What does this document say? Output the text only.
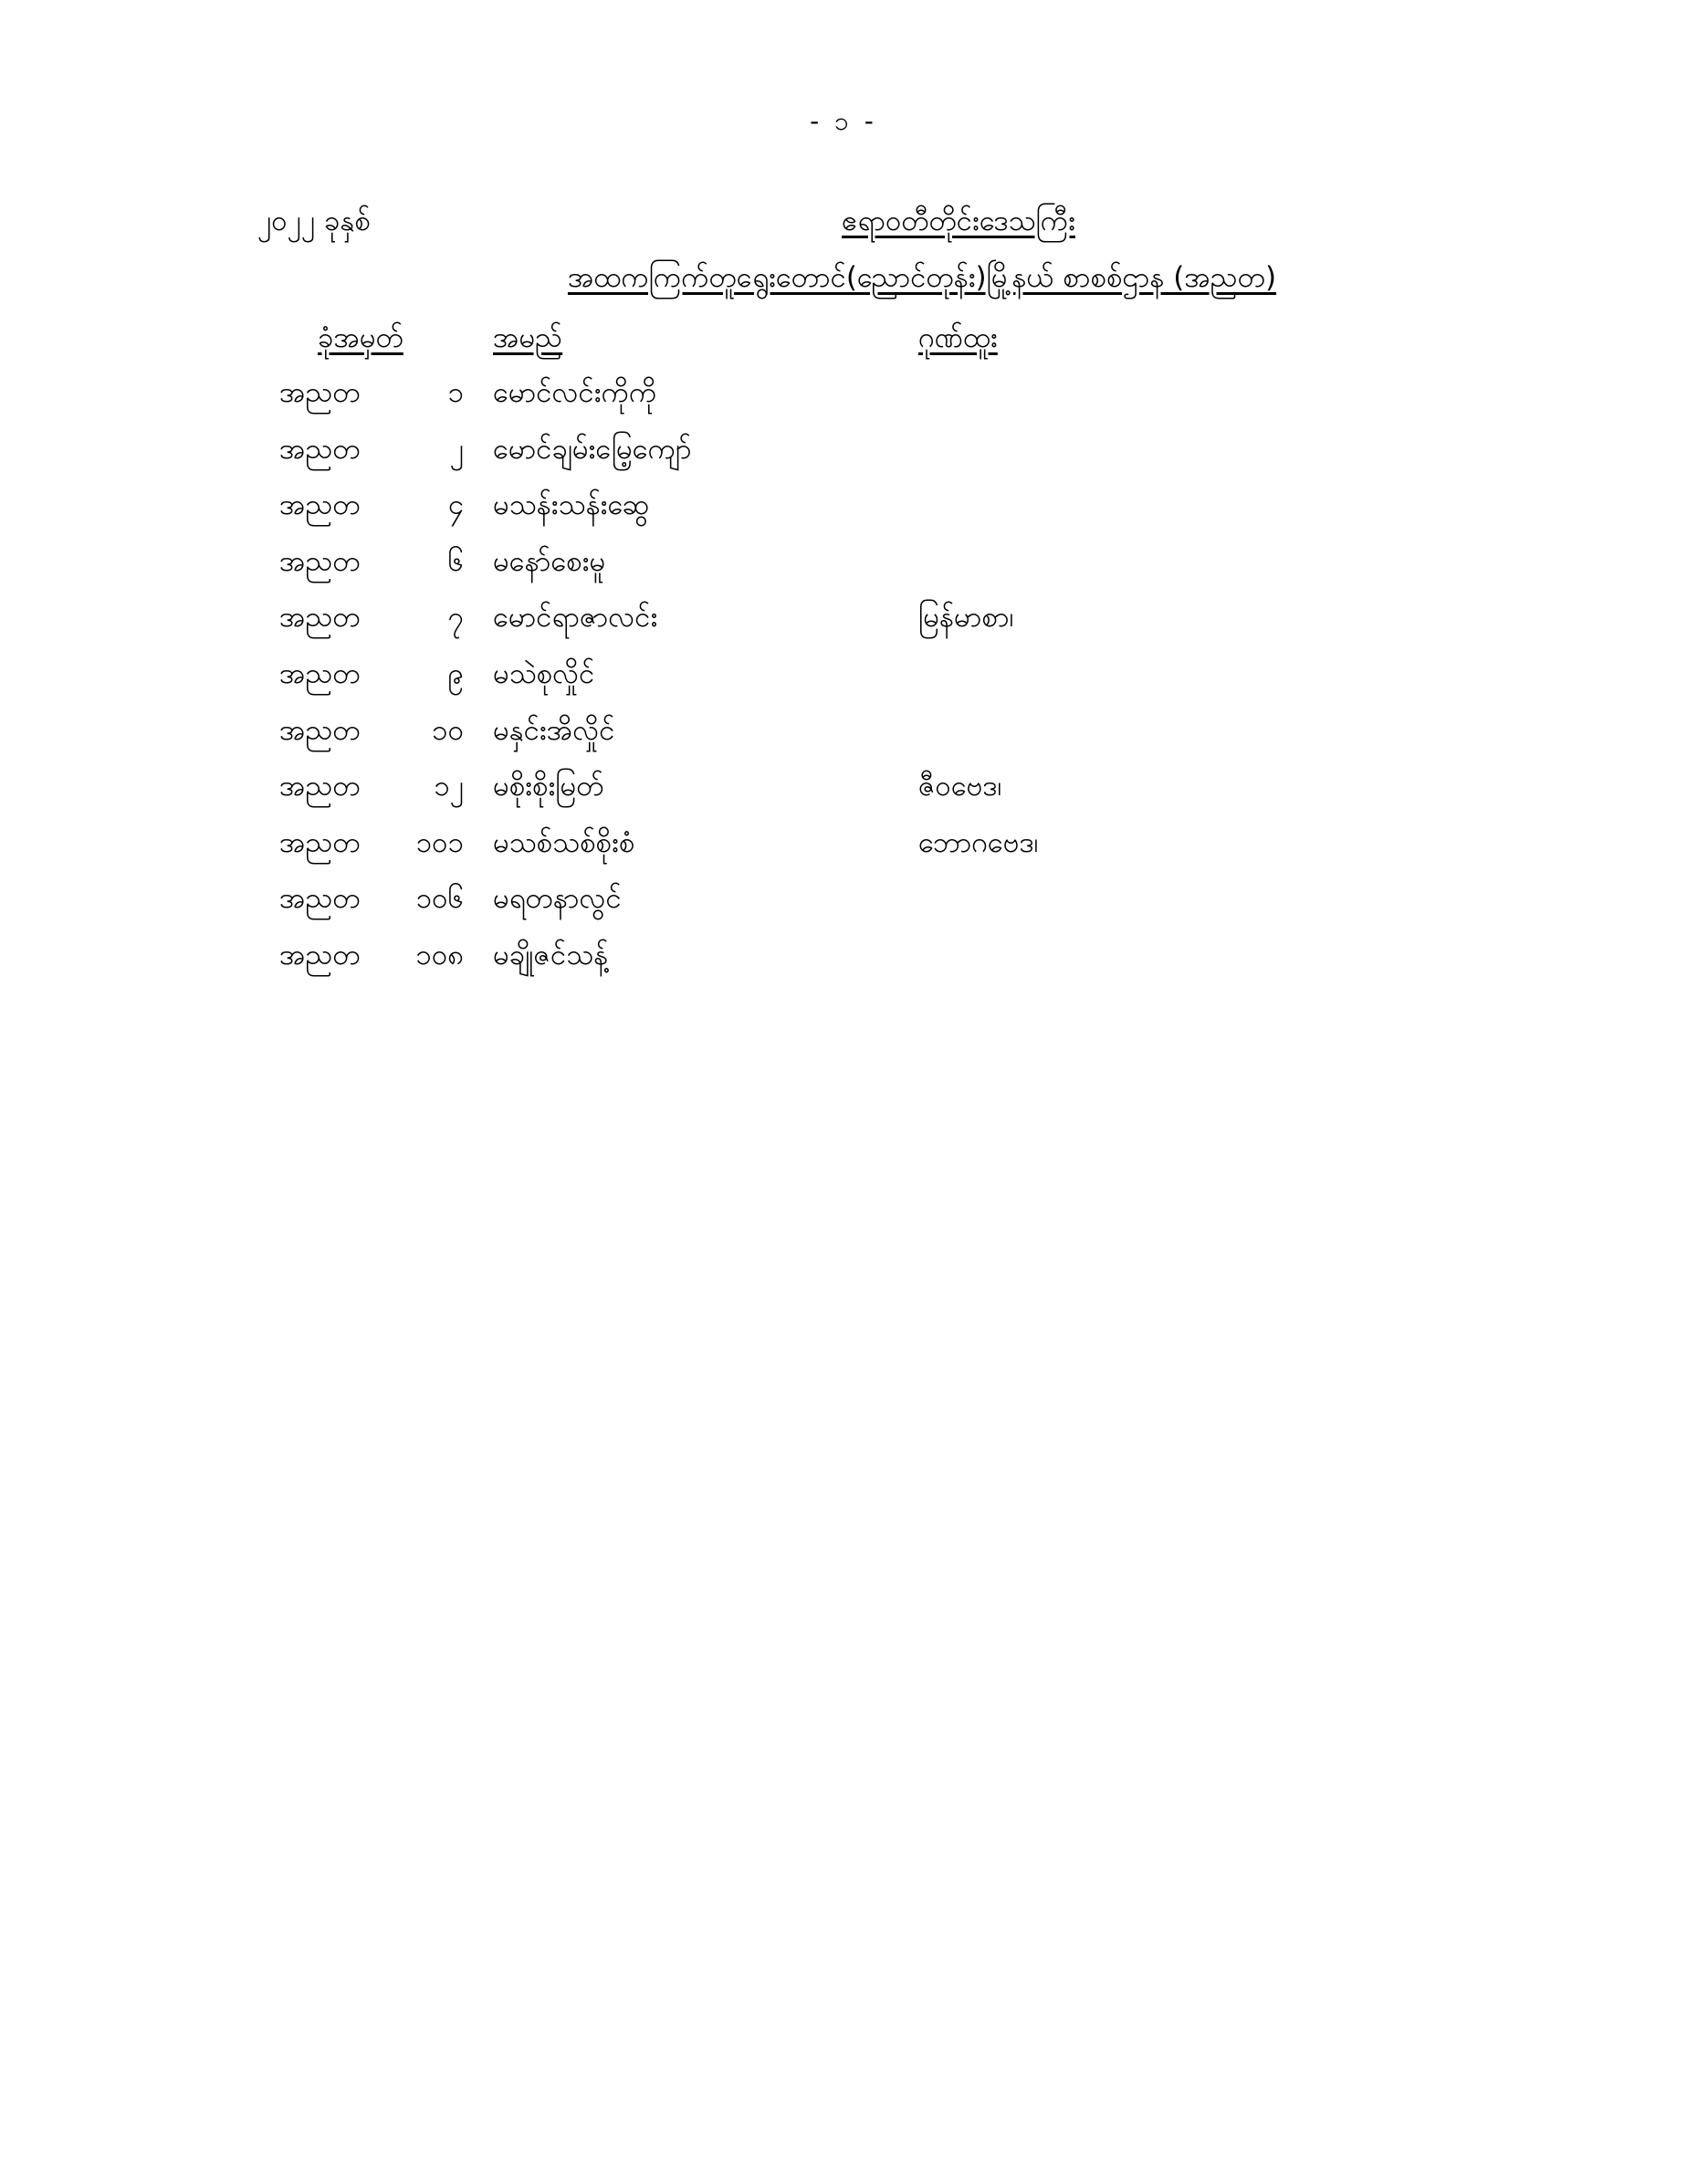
- ၁ -
၂၀၂၂ ခုနှစ်	ဧရာဝတီတိုင်းဒေသကြီး
အထကကြက်တူရွေးတောင်(ညောင်တုန်း)မြို့နယ် စာစစ်ဌာန (အညတ)
ခုံအမှတ်	အမည်	ဂုဏ်ထူး
အညတ	၁ မောင်လင်းကိုကို
အညတ	၂ မောင်ချမ်းမြေ့ကျော်
အညတ	၄ မသန်းသန်းဆွေ
အညတ	၆ မနော်စေးမူ
အညတ	၇ မောင်ရာဇာလင်း	မြန်မာစာ၊
အညတ	၉ မသဲစုလှိုင်
အညတ	၁၀ မနှင်းအိလှိုင်
အညတ	၁၂ မစိုးစိုးမြတ်	ဇီဝဗေဒ၊
အညတ	၁၀၁ မသစ်သစ်စိုးစံ	ဘောဂဗေဒ၊
အညတ	၁၀၆ မရတနာလွင်
အညတ	၁၀၈ မချိုဇင်သန့်
